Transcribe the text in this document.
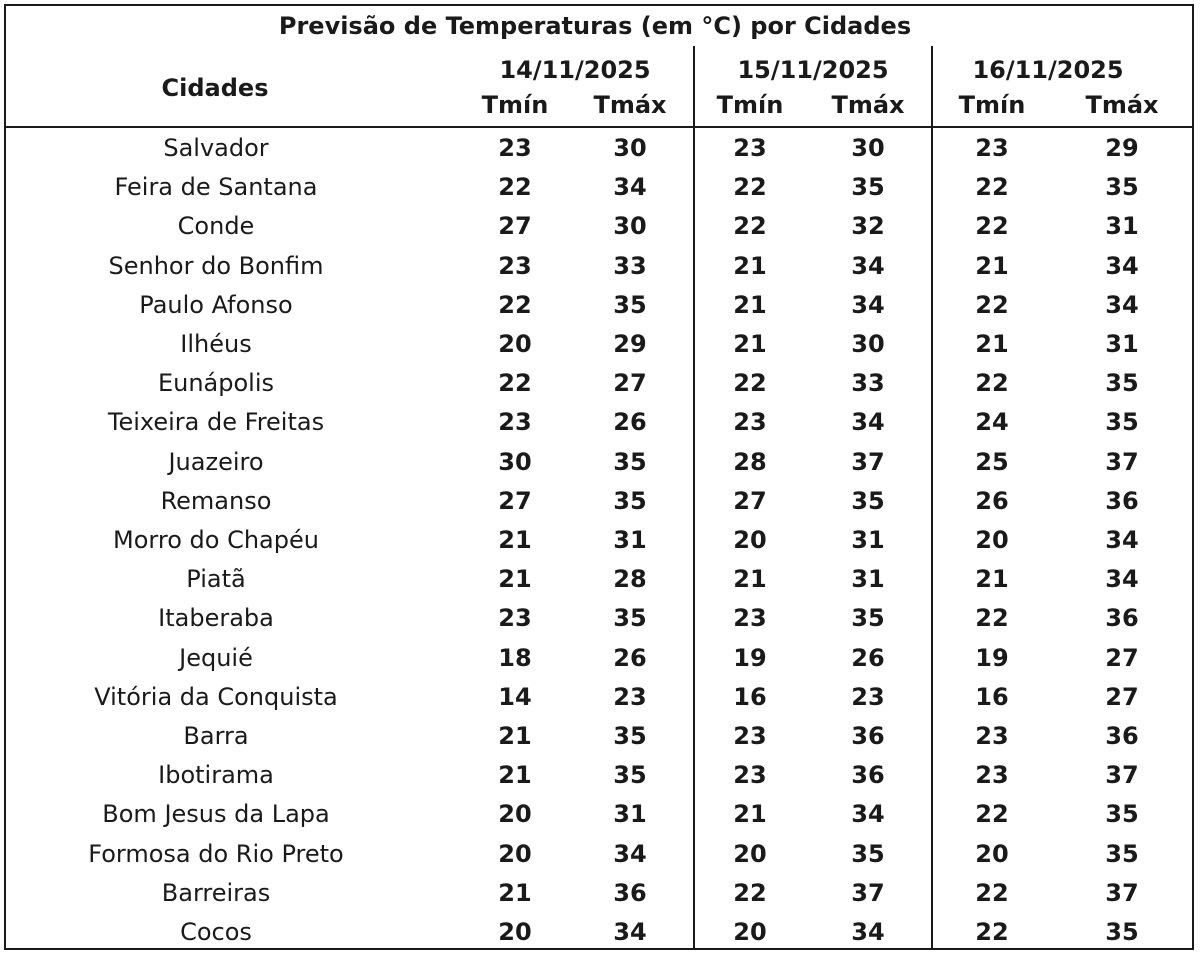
Previsão de Temperaturas (em °C) por Cidades
Cidades
14/11/2025	15/11/2025	16/11/2025
Tmín	Tmáx	Tmín	Tmáx	Tmín	Tmáx
Salvador	23	30	23	30	23	29
Feira de Santana	22	34	22	35	22	35
Conde	27	30	22	32	22	31
Senhor do Bonfim	23	33	21	34	21	34
Paulo Afonso	22	35	21	34	22	34
Ilhéus	20	29	21	30	21	31
Eunápolis	22	27	22	33	22	35
Teixeira de Freitas	23	26	23	34	24	35
Juazeiro	30	35	28	37	25	37
Remanso	27	35	27	35	26	36
Morro do Chapéu	21	31	20	31	20	34
Piatã	21	28	21	31	21	34
Itaberaba	23	35	23	35	22	36
Jequié	18	26	19	26	19	27
Vitória da Conquista	14	23	16	23	16	27
Barra	21	35	23	36	23	36
Ibotirama	21	35	23	36	23	37
Bom Jesus da Lapa	20	31	21	34	22	35
Formosa do Rio Preto	20	34	20	35	20	35
Barreiras	21	36	22	37	22	37
Cocos	20	34	20	34	22	35
